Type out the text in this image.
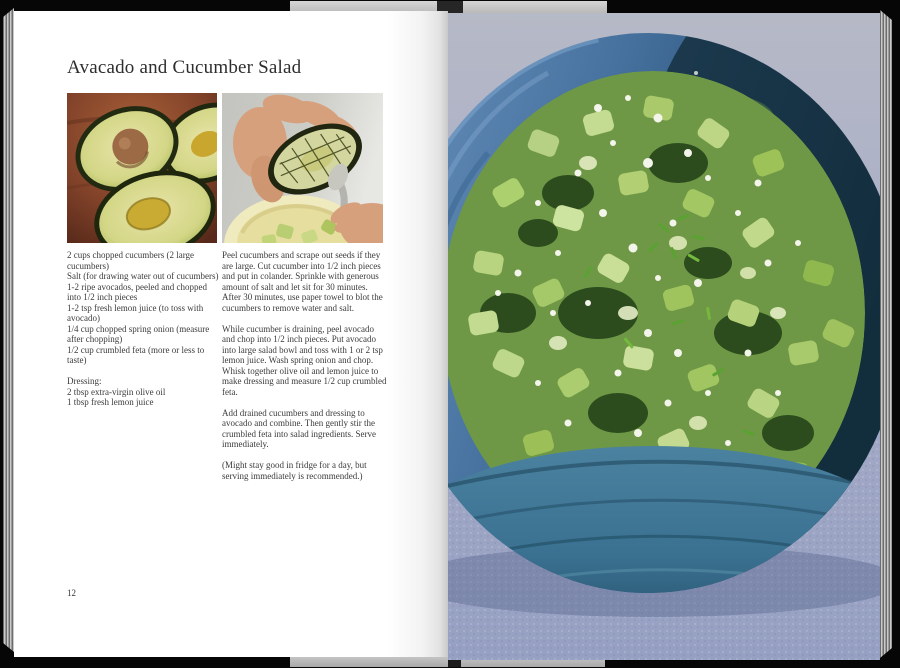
Avacado and Cucumber Salad
2 cups chopped cucumbers (2 large cucumbers)
Salt (for drawing water out of cucumbers)
1-2 ripe avocados, peeled and chopped into 1/2 inch pieces
1-2 tsp fresh lemon juice (to toss with avocado)
1/4 cup chopped spring onion (measure after chopping)
1/2 cup crumbled feta (more or less to taste)
Dressing:
2 tbsp extra-virgin olive oil
1 tbsp fresh lemon juice
Peel cucumbers and scrape out seeds if they are large. Cut cucumber into 1/2 inch pieces and put in colander. Sprinkle with generous amount of salt and let sit for 30 minutes. After 30 minutes, use paper towel to blot the cucumbers to remove water and salt.
While cucumber is draining, peel avocado and chop into 1/2 inch pieces. Put avocado into large salad bowl and toss with 1 or 2 tsp lemon juice. Wash spring onion and chop. Whisk together olive oil and lemon juice to make dressing and measure 1/2 cup crumbled feta.
Add drained cucumbers and dressing to avocado and combine. Then gently stir the crumbled feta into salad ingredients. Serve immediately.
(Might stay good in fridge for a day, but serving immediately is recommended.)
12
